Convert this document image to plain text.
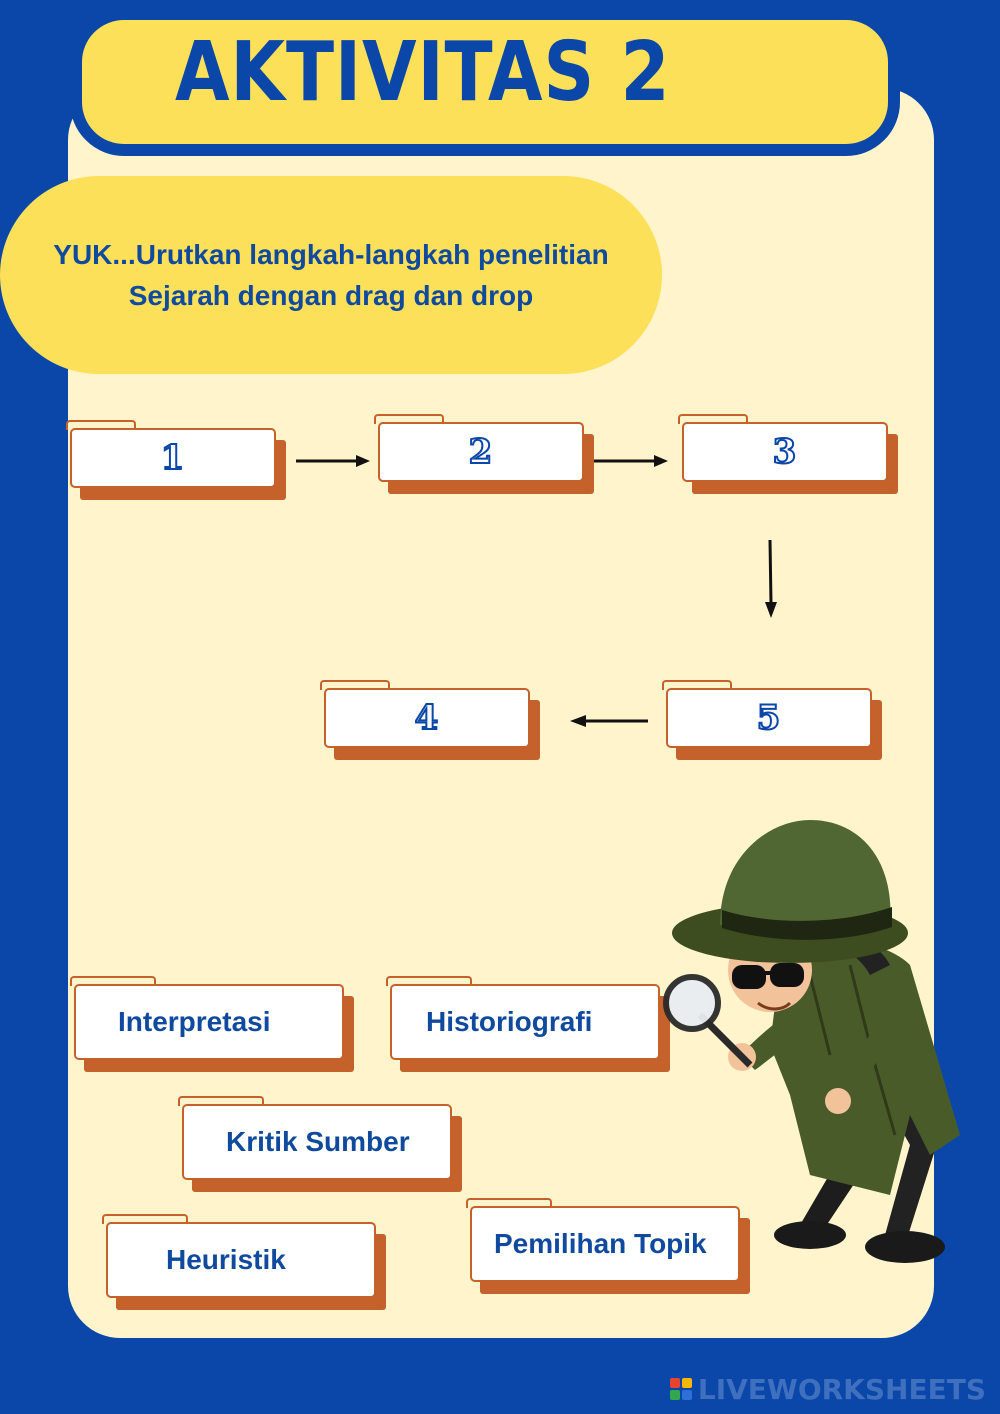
AKTIVITAS 2

YUK...Urutkan langkah-langkah penelitian Sejarah dengan drag dan drop

1	2	3
4	5
Interpretasi	Historiografi
Kritik Sumber
Heuristik
Pemilihan Topik
LIVEWORKSHEETS
